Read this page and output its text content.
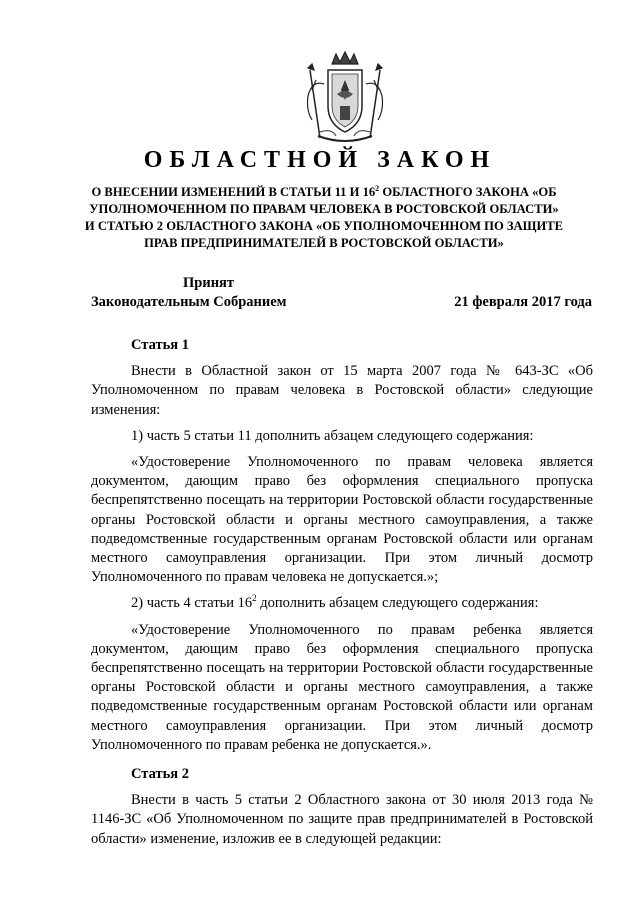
ОБЛАСТНОЙ ЗАКОН
О ВНЕСЕНИИ ИЗМЕНЕНИЙ В СТАТЬИ 11 И $16^2$ ОБЛАСТНОГО ЗАКОНА «ОБ УПОЛНОМОЧЕННОМ ПО ПРАВАМ ЧЕЛОВЕКА В РОСТОВСКОЙ ОБЛАСТИ» И СТАТЬЮ 2 ОБЛАСТНОГО ЗАКОНА «ОБ УПОЛНОМОЧЕННОМ ПО ЗАЩИТЕ ПРАВ ПРЕДПРИНИМАТЕЛЕЙ В РОСТОВСКОЙ ОБЛАСТИ»
Принят
Законодательным Собранием	21 февраля 2017 года
Статья 1

Внести в Областной закон от 15 марта 2007 года № 643-ЗС «Об Уполномоченном по правам человека в Ростовской области» следующие изменения:

1) часть 5 статьи 11 дополнить абзацем следующего содержания:

«Удостоверение Уполномоченного по правам человека является документом, дающим право без оформления специального пропуска беспрепятственно посещать на территории Ростовской области государственные органы Ростовской области и органы местного самоуправления, а также подведомственные государственным органам Ростовской области или органам местного самоуправления организации. При этом личный досмотр Уполномоченного по правам человека не допускается.»;

2) часть 4 статьи $16^2$ дополнить абзацем следующего содержания:

«Удостоверение Уполномоченного по правам ребенка является документом, дающим право без оформления специального пропуска беспрепятственно посещать на территории Ростовской области государственные органы Ростовской области и органы местного самоуправления, а также подведомственные государственным органам Ростовской области или органам местного самоуправления организации. При этом личный досмотр Уполномоченного по правам ребенка не допускается.».

Статья 2

Внести в часть 5 статьи 2 Областного закона от 30 июля 2013 года № 1146-ЗС «Об Уполномоченном по защите прав предпринимателей в Ростовской области» изменение, изложив ее в следующей редакции:
